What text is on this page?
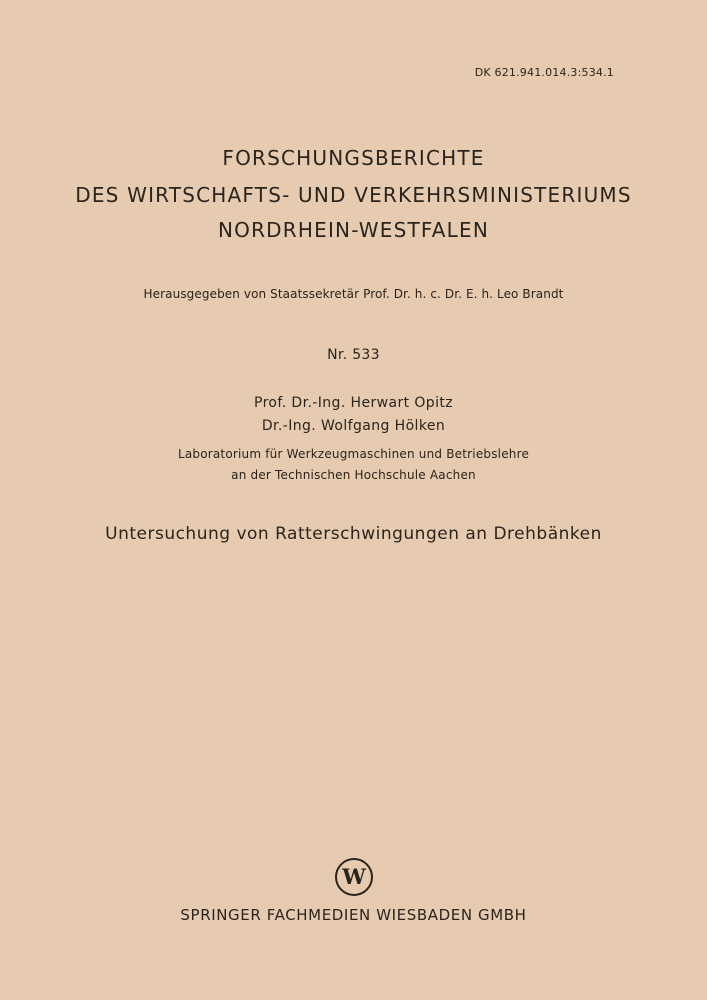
DK 621.941.014.3:534.1
FORSCHUNGSBERICHTE
DES WIRTSCHAFTS- UND VERKEHRSMINISTERIUMS
NORDRHEIN-WESTFALEN
Herausgegeben von Staatssekretär Prof. Dr. h. c. Dr. E. h. Leo Brandt
Nr. 533
Prof. Dr.-Ing. Herwart Opitz
Dr.-Ing. Wolfgang Hölken
Laboratorium für Werkzeugmaschinen und Betriebslehre
an der Technischen Hochschule Aachen
Untersuchung von Ratterschwingungen an Drehbänken
W
SPRINGER FACHMEDIEN WIESBADEN GMBH
